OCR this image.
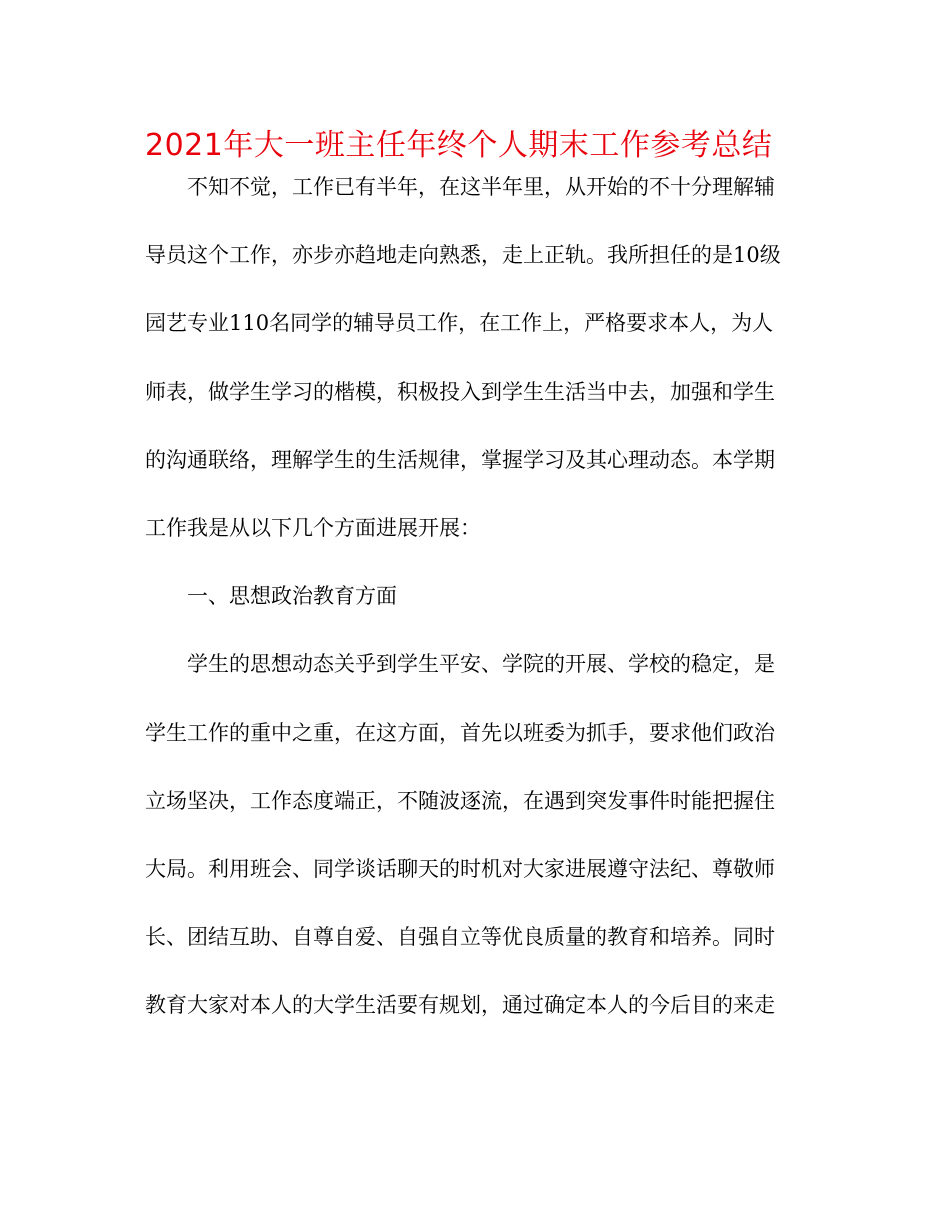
2021年大一班主任年终个人期末工作参考总结
不知不觉，工作已有半年，在这半年里，从开始的不十分理解辅
导员这个工作，亦步亦趋地走向熟悉，走上正轨。我所担任的是10级
园艺专业110名同学的辅导员工作，在工作上，严格要求本人，为人
师表，做学生学习的楷模，积极投入到学生生活当中去，加强和学生
的沟通联络，理解学生的生活规律，掌握学习及其心理动态。本学期
工作我是从以下几个方面进展开展：
一、思想政治教育方面
学生的思想动态关乎到学生平安、学院的开展、学校的稳定，是
学生工作的重中之重，在这方面，首先以班委为抓手，要求他们政治
立场坚决，工作态度端正，不随波逐流，在遇到突发事件时能把握住
大局。利用班会、同学谈话聊天的时机对大家进展遵守法纪、尊敬师
长、团结互助、自尊自爱、自强自立等优良质量的教育和培养。同时
教育大家对本人的大学生活要有规划，通过确定本人的今后目的来走
